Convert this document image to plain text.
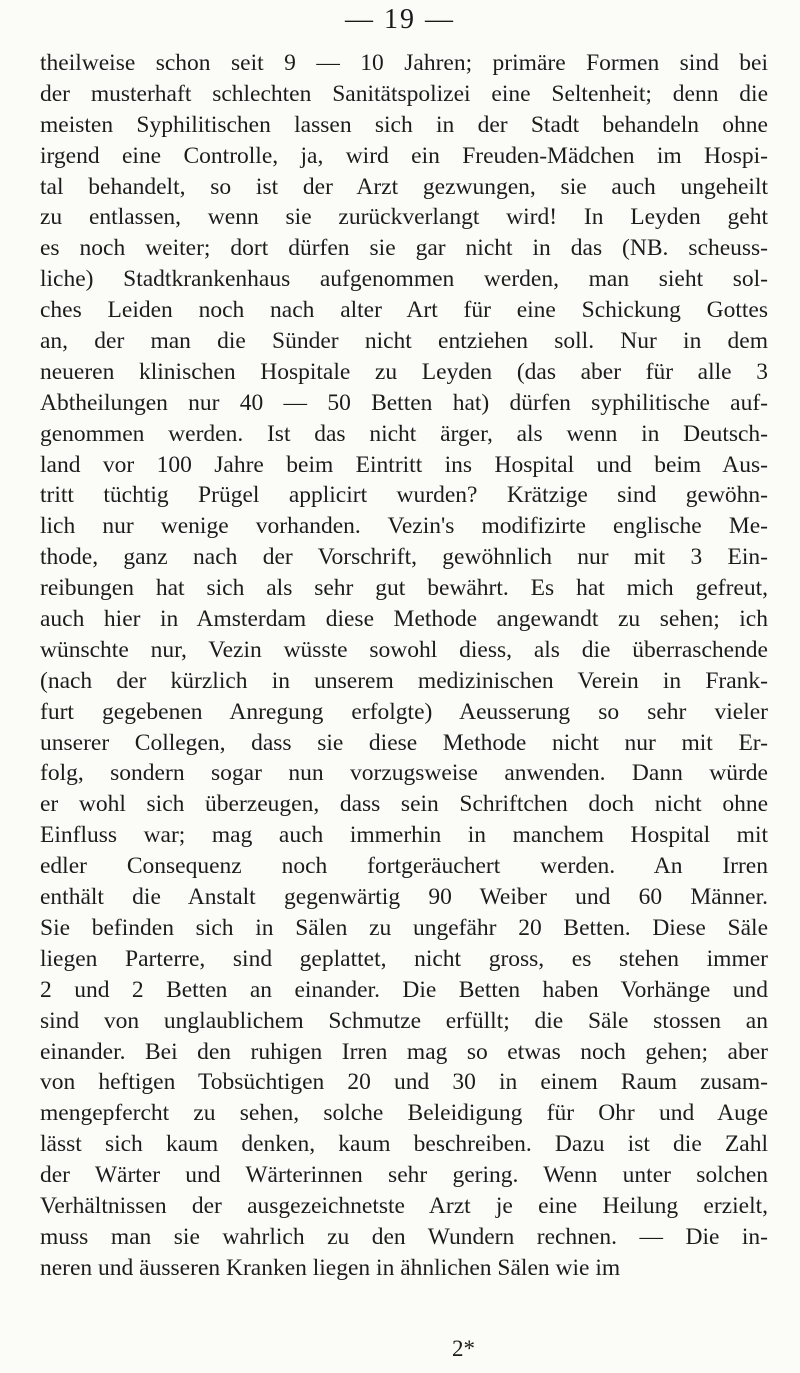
— 19 —
theilweise schon seit 9 — 10 Jahren; primäre Formen sind bei
der musterhaft schlechten Sanitätspolizei eine Seltenheit; denn die
meisten Syphilitischen lassen sich in der Stadt behandeln ohne
irgend eine Controlle, ja, wird ein Freuden-Mädchen im Hospi-
tal behandelt, so ist der Arzt gezwungen, sie auch ungeheilt
zu entlassen, wenn sie zurückverlangt wird! In Leyden geht
es noch weiter; dort dürfen sie gar nicht in das (NB. scheuss-
liche) Stadtkrankenhaus aufgenommen werden, man sieht sol-
ches Leiden noch nach alter Art für eine Schickung Gottes
an, der man die Sünder nicht entziehen soll. Nur in dem
neueren klinischen Hospitale zu Leyden (das aber für alle 3
Abtheilungen nur 40 — 50 Betten hat) dürfen syphilitische auf-
genommen werden. Ist das nicht ärger, als wenn in Deutsch-
land vor 100 Jahre beim Eintritt ins Hospital und beim Aus-
tritt tüchtig Prügel applicirt wurden? Krätzige sind gewöhn-
lich nur wenige vorhanden. Vezin's modifizirte englische Me-
thode, ganz nach der Vorschrift, gewöhnlich nur mit 3 Ein-
reibungen hat sich als sehr gut bewährt. Es hat mich gefreut,
auch hier in Amsterdam diese Methode angewandt zu sehen; ich
wünschte nur, Vezin wüsste sowohl diess, als die überraschende
(nach der kürzlich in unserem medizinischen Verein in Frank-
furt gegebenen Anregung erfolgte) Aeusserung so sehr vieler
unserer Collegen, dass sie diese Methode nicht nur mit Er-
folg, sondern sogar nun vorzugsweise anwenden. Dann würde
er wohl sich überzeugen, dass sein Schriftchen doch nicht ohne
Einfluss war; mag auch immerhin in manchem Hospital mit
edler Consequenz noch fortgeräuchert werden. An Irren
enthält die Anstalt gegenwärtig 90 Weiber und 60 Männer.
Sie befinden sich in Sälen zu ungefähr 20 Betten. Diese Säle
liegen Parterre, sind geplattet, nicht gross, es stehen immer
2 und 2 Betten an einander. Die Betten haben Vorhänge und
sind von unglaublichem Schmutze erfüllt; die Säle stossen an
einander. Bei den ruhigen Irren mag so etwas noch gehen; aber
von heftigen Tobsüchtigen 20 und 30 in einem Raum zusam-
mengepfercht zu sehen, solche Beleidigung für Ohr und Auge
lässt sich kaum denken, kaum beschreiben. Dazu ist die Zahl
der Wärter und Wärterinnen sehr gering. Wenn unter solchen
Verhältnissen der ausgezeichnetste Arzt je eine Heilung erzielt,
muss man sie wahrlich zu den Wundern rechnen. — Die in-
neren und äusseren Kranken liegen in ähnlichen Sälen wie im
2*
